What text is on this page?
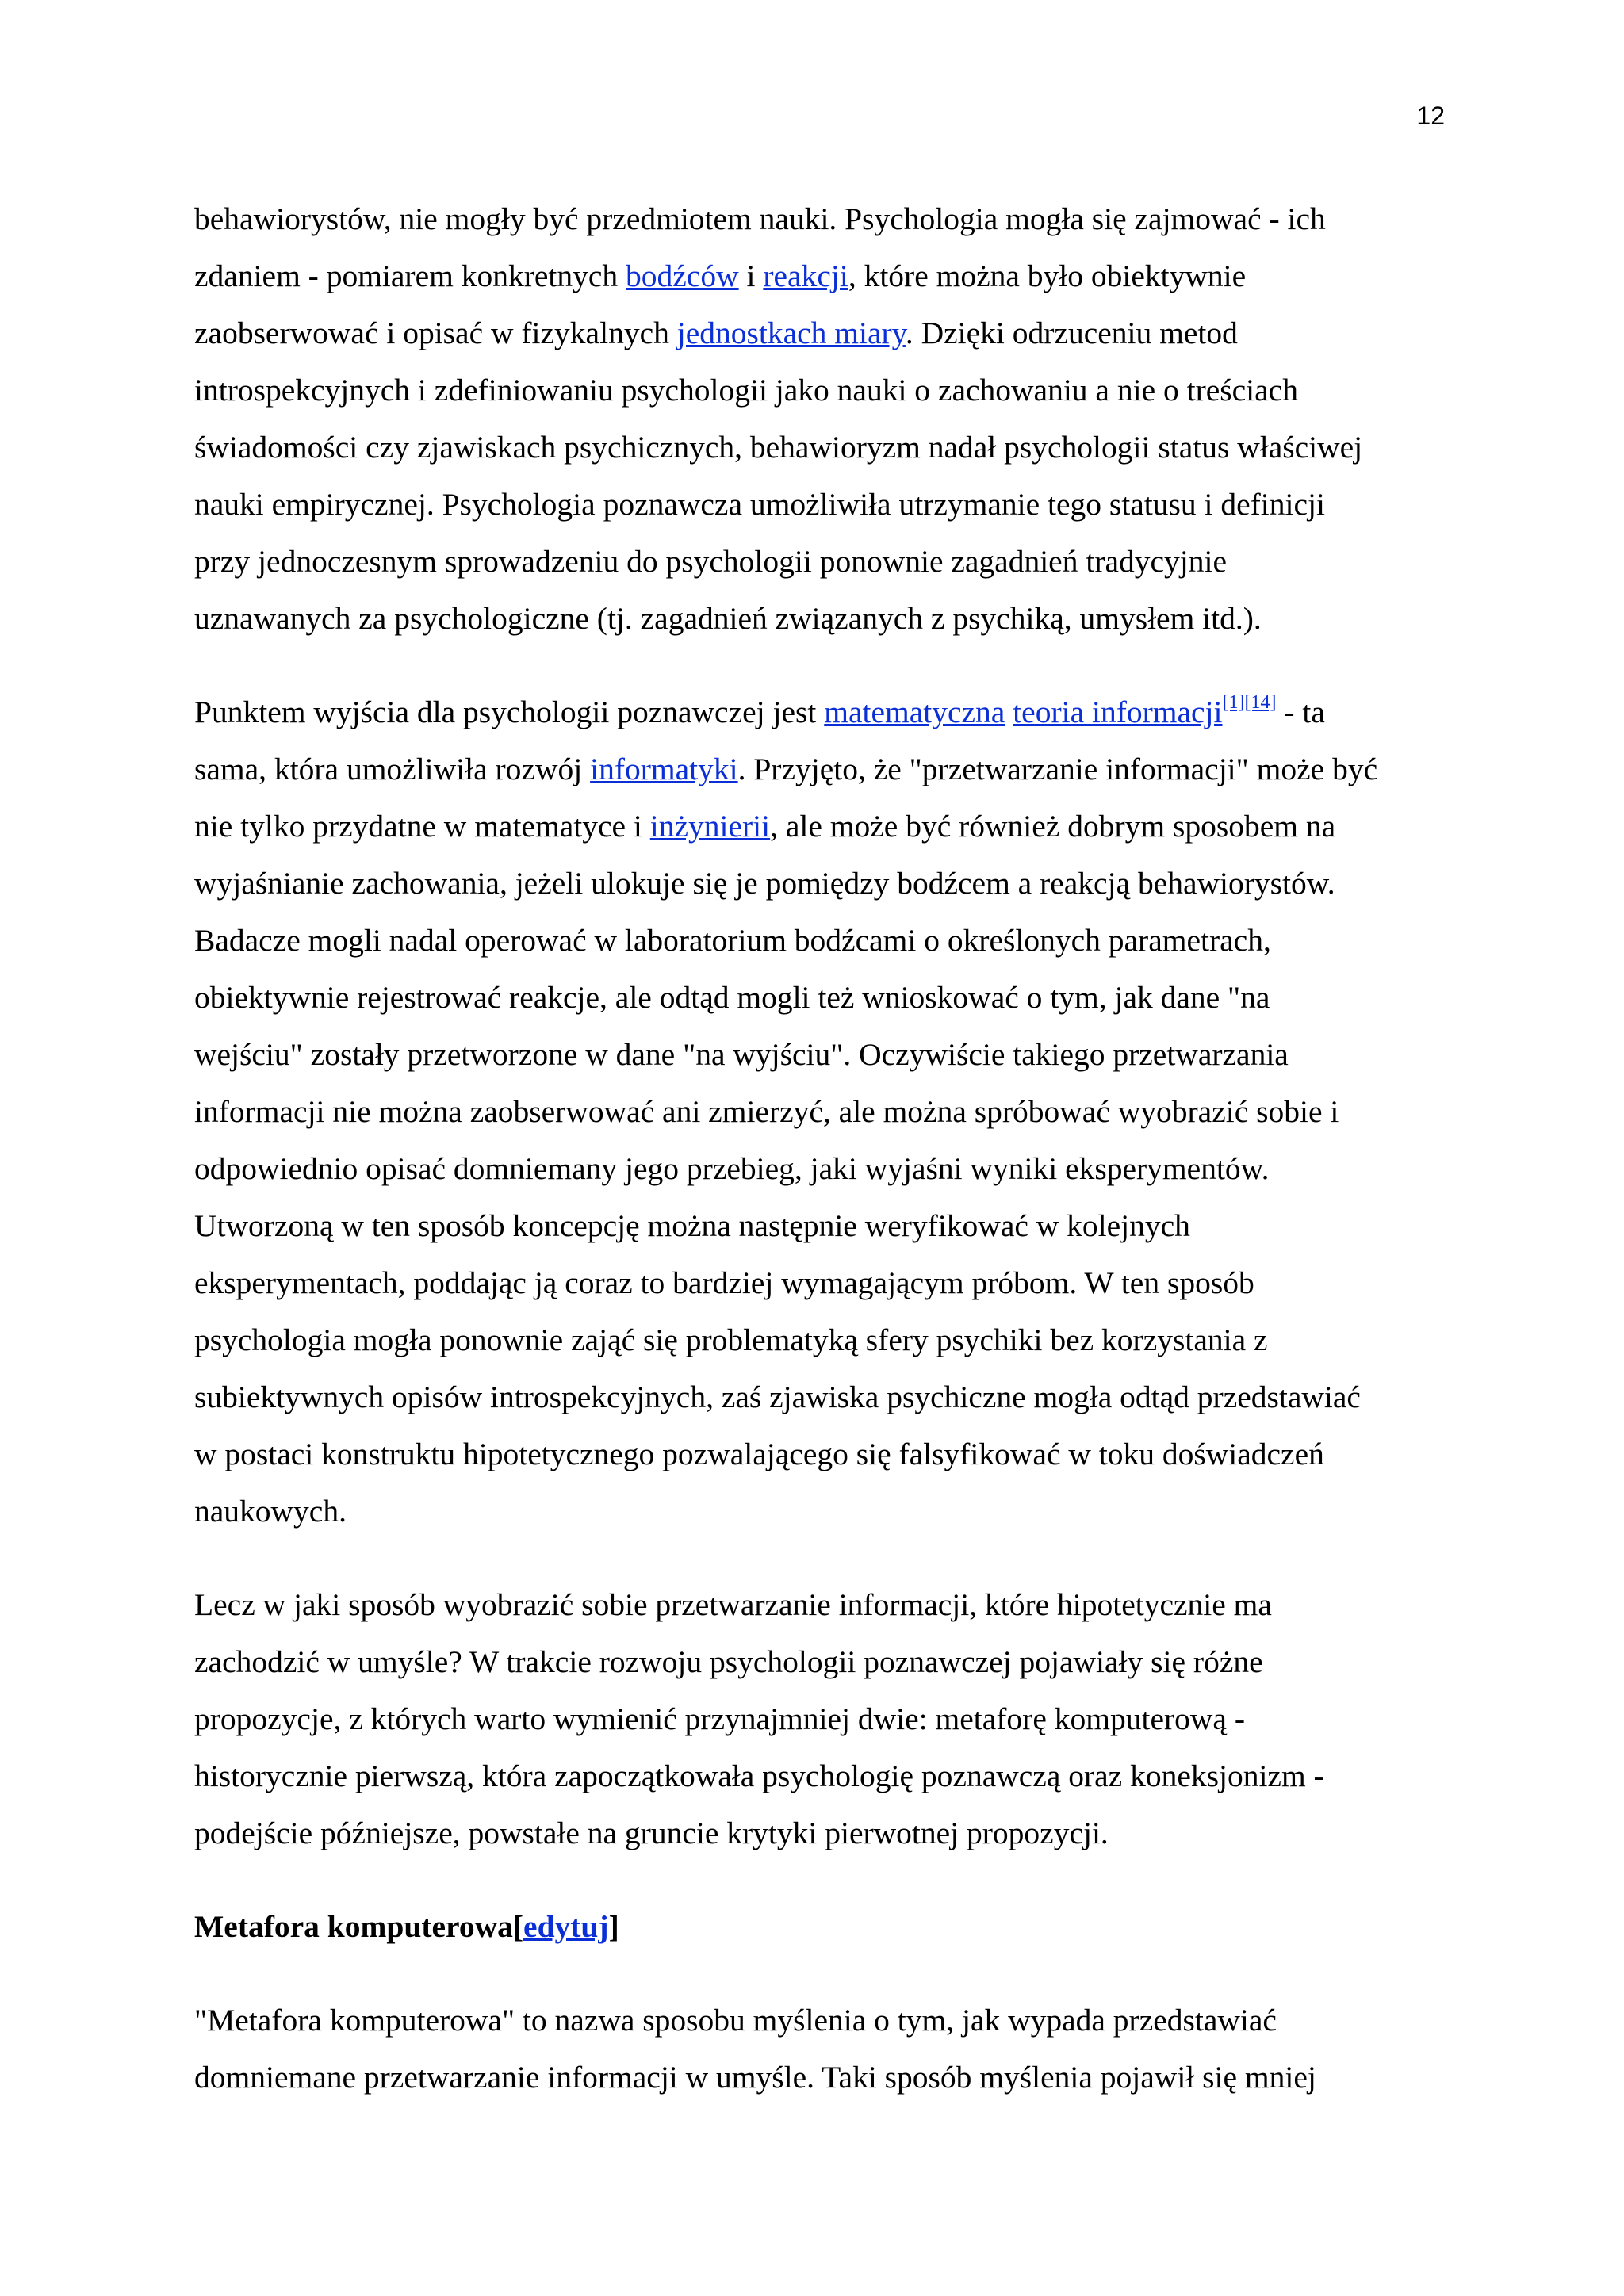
12

behawiorystów, nie mogły być przedmiotem nauki. Psychologia mogła się zajmować - ich
zdaniem - pomiarem konkretnych bodźców i reakcji, które można było obiektywnie
zaobserwować i opisać w fizykalnych jednostkach miary. Dzięki odrzuceniu metod
introspekcyjnych i zdefiniowaniu psychologii jako nauki o zachowaniu a nie o treściach
świadomości czy zjawiskach psychicznych, behawioryzm nadał psychologii status właściwej
nauki empirycznej. Psychologia poznawcza umożliwiła utrzymanie tego statusu i definicji
przy jednoczesnym sprowadzeniu do psychologii ponownie zagadnień tradycyjnie
uznawanych za psychologiczne (tj. zagadnień związanych z psychiką, umysłem itd.).

Punktem wyjścia dla psychologii poznawczej jest matematyczna teoria informacji[1][14] - ta
sama, która umożliwiła rozwój informatyki. Przyjęto, że "przetwarzanie informacji" może być
nie tylko przydatne w matematyce i inżynierii, ale może być również dobrym sposobem na
wyjaśnianie zachowania, jeżeli ulokuje się je pomiędzy bodźcem a reakcją behawiorystów.
Badacze mogli nadal operować w laboratorium bodźcami o określonych parametrach,
obiektywnie rejestrować reakcje, ale odtąd mogli też wnioskować o tym, jak dane "na
wejściu" zostały przetworzone w dane "na wyjściu". Oczywiście takiego przetwarzania
informacji nie można zaobserwować ani zmierzyć, ale można spróbować wyobrazić sobie i
odpowiednio opisać domniemany jego przebieg, jaki wyjaśni wyniki eksperymentów.
Utworzoną w ten sposób koncepcję można następnie weryfikować w kolejnych
eksperymentach, poddając ją coraz to bardziej wymagającym próbom. W ten sposób
psychologia mogła ponownie zająć się problematyką sfery psychiki bez korzystania z
subiektywnych opisów introspekcyjnych, zaś zjawiska psychiczne mogła odtąd przedstawiać
w postaci konstruktu hipotetycznego pozwalającego się falsyfikować w toku doświadczeń
naukowych.

Lecz w jaki sposób wyobrazić sobie przetwarzanie informacji, które hipotetycznie ma
zachodzić w umyśle? W trakcie rozwoju psychologii poznawczej pojawiały się różne
propozycje, z których warto wymienić przynajmniej dwie: metaforę komputerową -
historycznie pierwszą, która zapoczątkowała psychologię poznawczą oraz koneksjonizm -
podejście późniejsze, powstałe na gruncie krytyki pierwotnej propozycji.

Metafora komputerowa[edytuj]

"Metafora komputerowa" to nazwa sposobu myślenia o tym, jak wypada przedstawiać
domniemane przetwarzanie informacji w umyśle. Taki sposób myślenia pojawił się mniej
